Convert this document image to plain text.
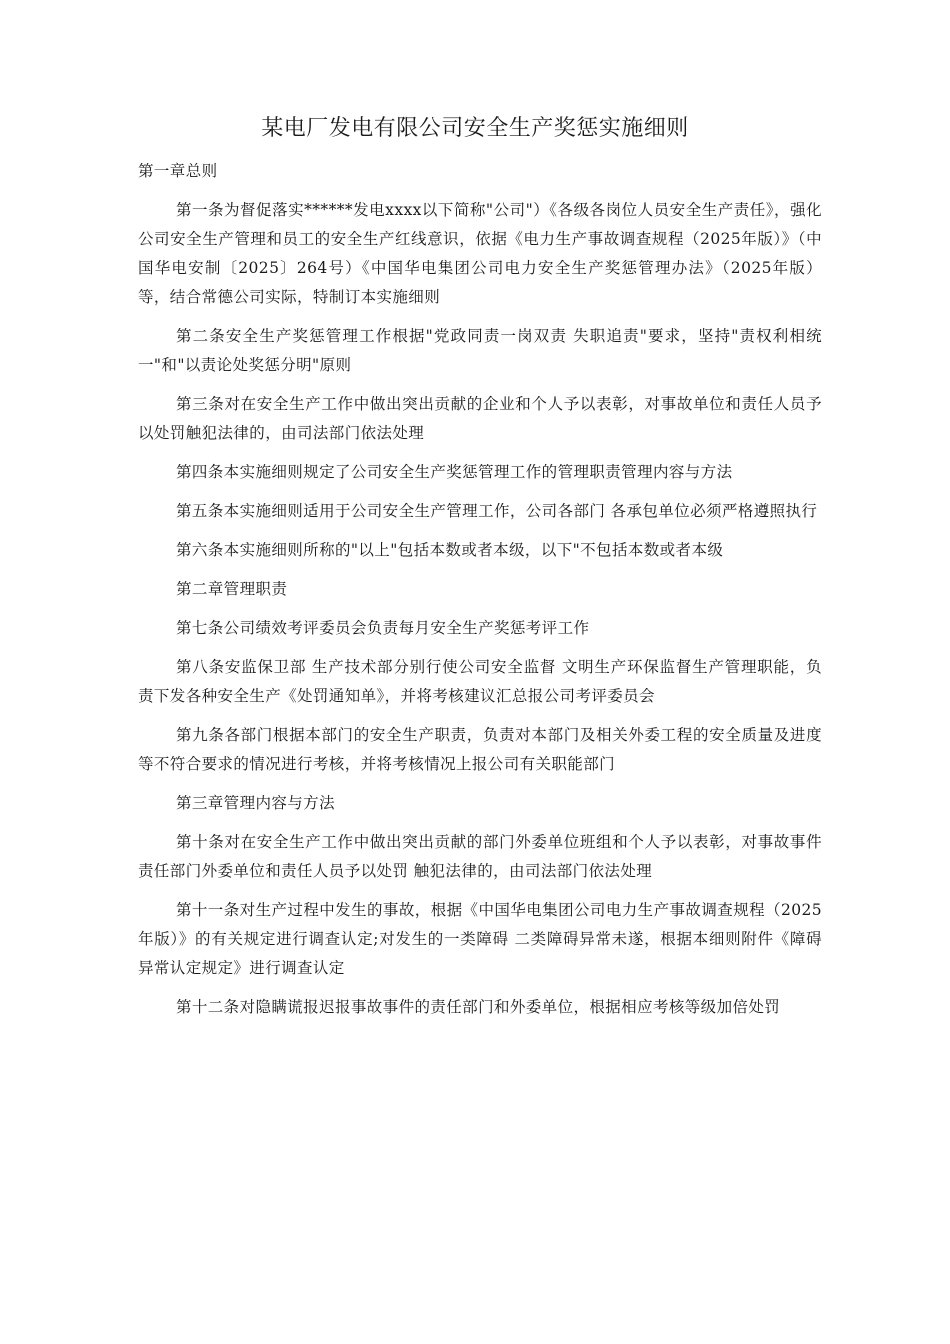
某电厂发电有限公司安全生产奖惩实施细则

第一章总则

第一条为督促落实******发电xxxx以下简称"公司"）《各级各岗位人员安全生产责任》，强化公司安全生产管理和员工的安全生产红线意识，依据《电力生产事故调查规程（2025年版）》（中国华电安制〔2025〕264号）《中国华电集团公司电力安全生产奖惩管理办法》（2025年版）等，结合常德公司实际，特制订本实施细则

第二条安全生产奖惩管理工作根据"党政同责一岗双责 失职追责"要求，坚持"责权利相统一"和"以责论处奖惩分明"原则

第三条对在安全生产工作中做出突出贡献的企业和个人予以表彰，对事故单位和责任人员予以处罚触犯法律的，由司法部门依法处理

第四条本实施细则规定了公司安全生产奖惩管理工作的管理职责管理内容与方法

第五条本实施细则适用于公司安全生产管理工作，公司各部门 各承包单位必须严格遵照执行

第六条本实施细则所称的"以上"包括本数或者本级，以下"不包括本数或者本级

第二章管理职责

第七条公司绩效考评委员会负责每月安全生产奖惩考评工作

第八条安监保卫部 生产技术部分别行使公司安全监督 文明生产环保监督生产管理职能，负责下发各种安全生产《处罚通知单》，并将考核建议汇总报公司考评委员会

第九条各部门根据本部门的安全生产职责，负责对本部门及相关外委工程的安全质量及进度等不符合要求的情况进行考核，并将考核情况上报公司有关职能部门

第三章管理内容与方法

第十条对在安全生产工作中做出突出贡献的部门外委单位班组和个人予以表彰，对事故事件责任部门外委单位和责任人员予以处罚 触犯法律的，由司法部门依法处理

第十一条对生产过程中发生的事故，根据《中国华电集团公司电力生产事故调查规程（2025年版）》的有关规定进行调查认定;对发生的一类障碍 二类障碍异常未遂，根据本细则附件《障碍异常认定规定》进行调查认定

第十二条对隐瞒谎报迟报事故事件的责任部门和外委单位，根据相应考核等级加倍处罚
